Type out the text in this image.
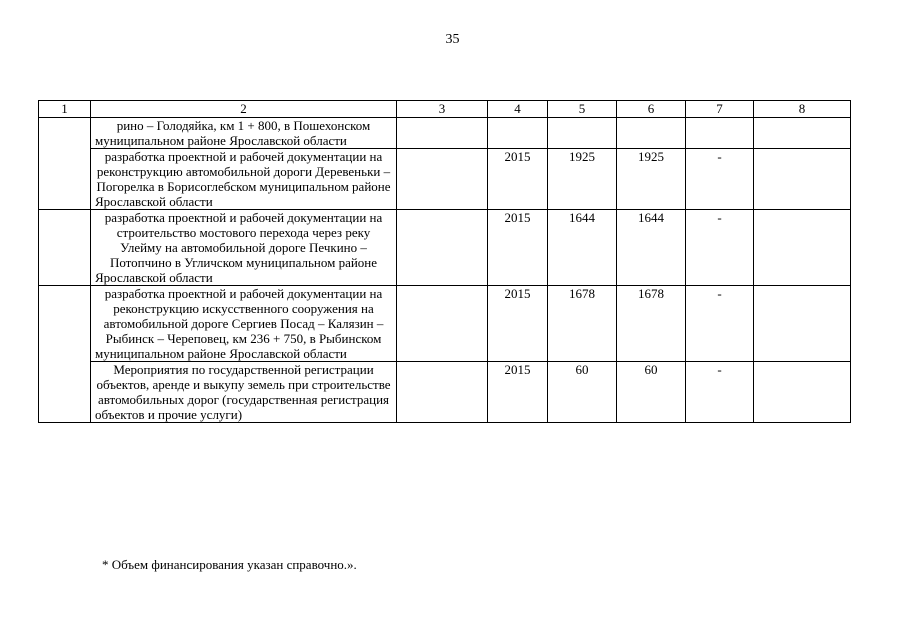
35
1	2	3	4	5	6	7	8
	рино – Голодяйка, км 1 + 800, в Пошехонском муниципальном районе Ярославской области						
	разработка проектной и рабочей документации на реконструкцию автомобильной дороги Деревеньки – Погорелка в Борисоглебском муниципальном районе Ярославской области		2015	1925	1925	-	
	разработка проектной и рабочей документации на строительство мостового перехода через реку Улейму на автомобильной дороге Печкино – Потопчино в Угличском муниципальном районе Ярославской области		2015	1644	1644	-	
	разработка проектной и рабочей документации на реконструкцию искусственного сооружения на автомобильной дороге Сергиев Посад – Калязин – Рыбинск – Череповец, км 236 + 750, в Рыбинском муниципальном районе Ярославской области		2015	1678	1678	-	
	Мероприятия по государственной регистрации объектов, аренде и выкупу земель при строительстве автомобильных дорог (государственная регистрация объектов и прочие услуги)		2015	60	60	-	
* Объем финансирования указан справочно.».
